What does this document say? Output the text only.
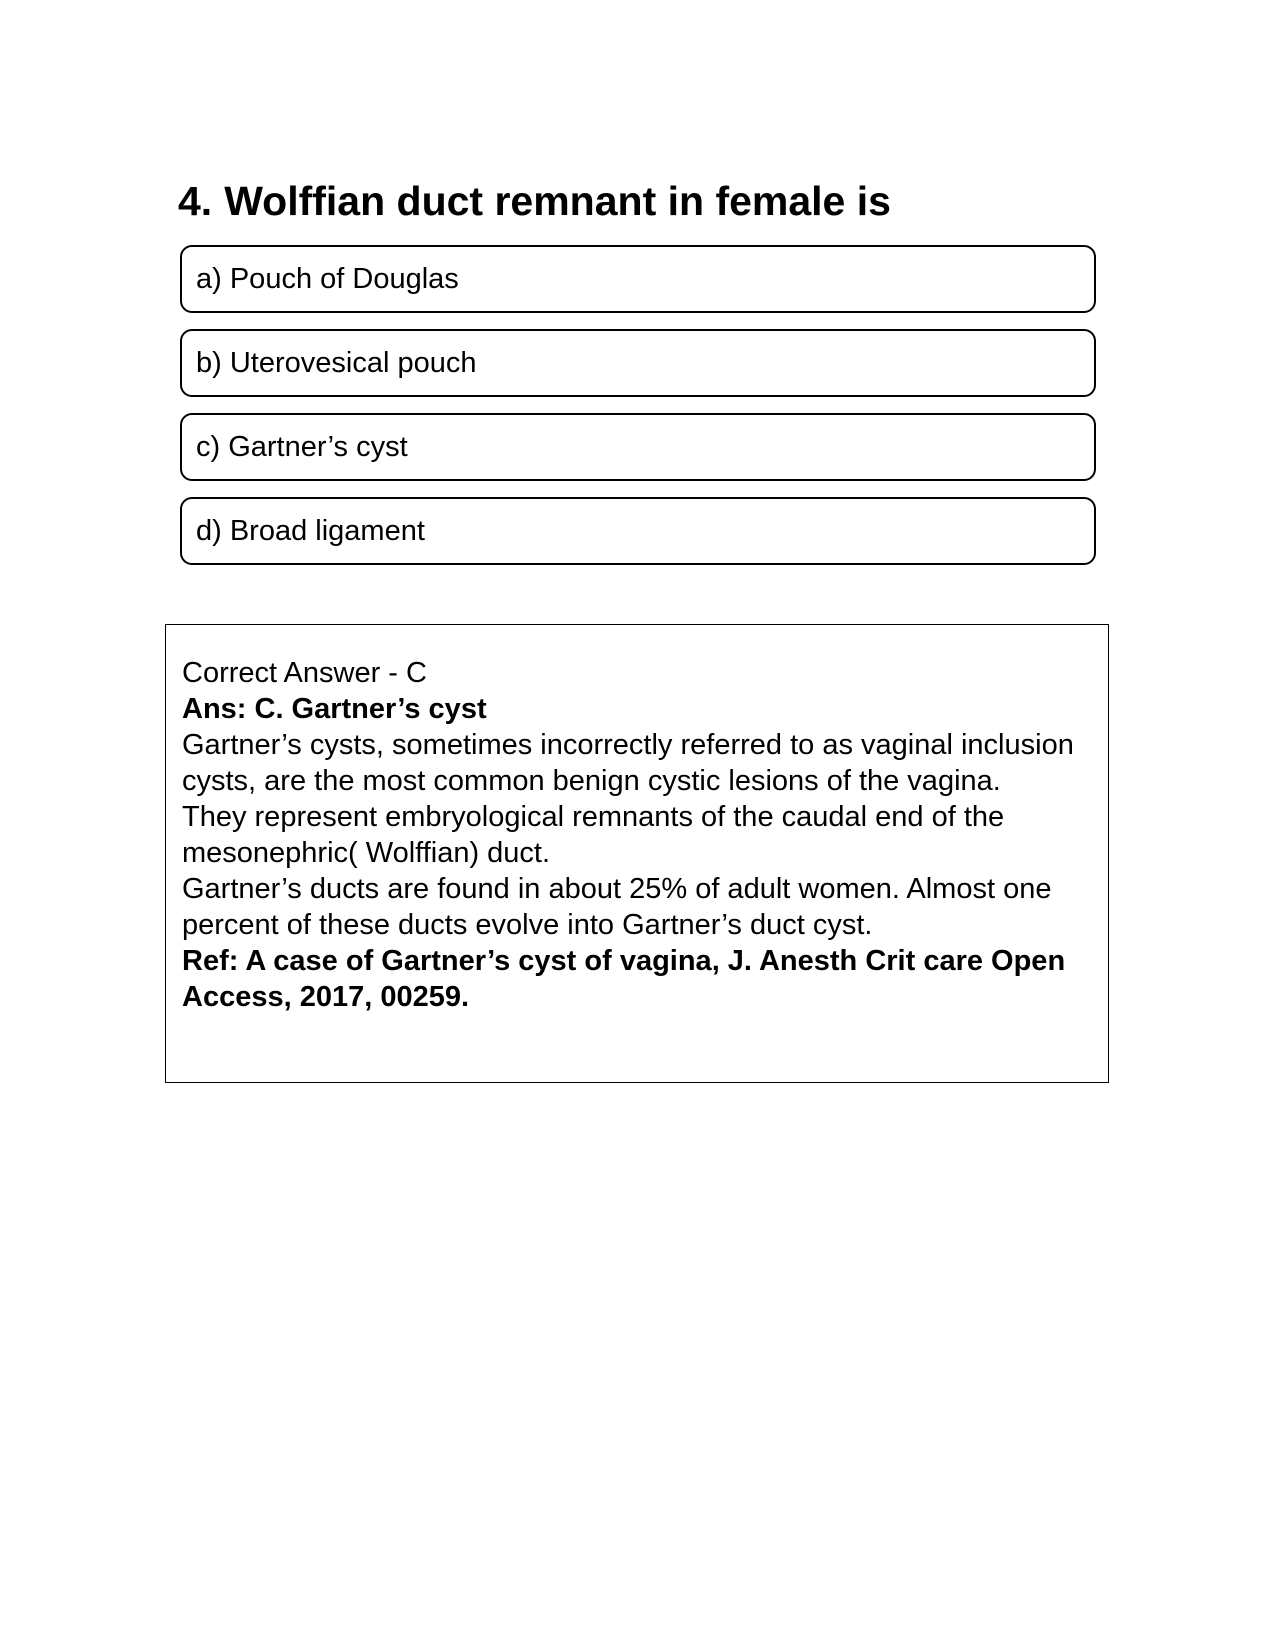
4. Wolffian duct remnant in female is
a) Pouch of Douglas
b) Uterovesical pouch
c) Gartner’s cyst
d) Broad ligament

Correct Answer - C

Ans: C. Gartner’s cyst

Gartner’s cysts, sometimes incorrectly referred to as vaginal inclusion cysts, are the most common benign cystic lesions of the vagina.

They represent embryological remnants of the caudal end of the mesonephric( Wolffian) duct.

Gartner’s ducts are found in about 25% of adult women. Almost one percent of these ducts evolve into Gartner’s duct cyst.

Ref: A case of Gartner’s cyst of vagina, J. Anesth Crit care Open Access, 2017, 00259.
